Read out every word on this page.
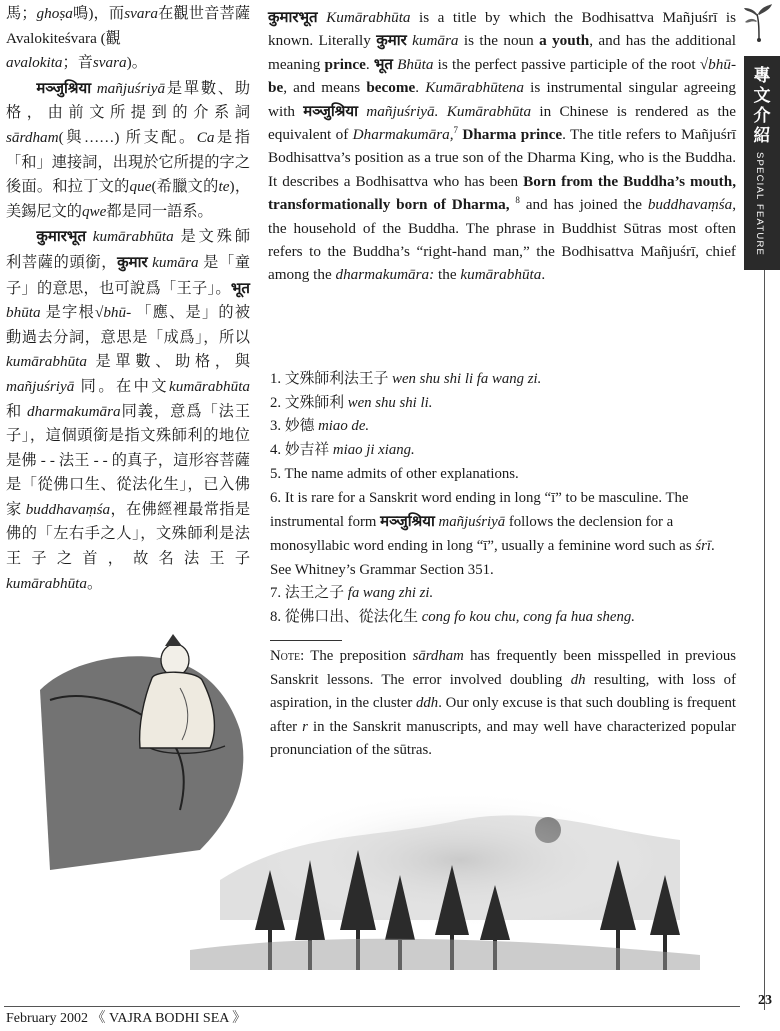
馬；ghoṣa鳴)，而svara在觀世音菩薩 Avalokiteśvara (觀
avalokita；音svara)。

मञ्जुश्रिया mañjuśriyā是單數、助格，由前文所提到的介系詞sārdham(與……) 所支配。Ca是指「和」連接詞，出現於它所提的字之後面。和拉丁文的que(希臘文的te)，美錫尼文的qwe都是同一語系。

कुमारभूत kumārabhūta 是文殊師利菩薩的頭銜，कुमार kumāra 是「童子」的意思，也可說爲「王子」。भूत bhūta 是字根√bhū- 「應、是」的被動過去分詞，意思是「成爲」，所以 kumārabhūta 是單數、助格，與 mañjuśriyā 同。在中文kumārabhūta和 dharmakumāra同義，意爲「法王子」，這個頭銜是指文殊師利的地位是佛 - - 法王 - - 的真子，這形容菩薩是「從佛口生、從法化生」，已入佛家 buddhavaṃśa，在佛經裡最常指是佛的「左右手之人」，文殊師利是法王子之首，故名法王子 kumārabhūta。

कुमारभूत Kumārabhūta is a title by which the Bodhisattva Mañjuśrī is known. Literally कुमार kumāra is the noun a youth, and has the additional meaning prince. भूत Bhūta is the perfect passive participle of the root √bhū- be, and means become. Kumārabhūtena is instrumental singular agreeing with मञ्जुश्रिया mañjuśriyā. Kumārabhūta in Chinese is rendered as the equivalent of Dharmakumāra,$^7$ Dharma prince. The title refers to Mañjuśrī Bodhisattva’s position as a true son of the Dharma King, who is the Buddha. It describes a Bodhisattva who has been Born from the Buddha’s mouth, transformationally born of Dharma, $^8$ and has joined the buddhavaṃśa, the household of the Buddha. The phrase in Buddhist Sūtras most often refers to the Buddha’s “right-hand man,” the Bodhisattva Mañjuśrī, chief among the dharmakumāra: the kumārabhūta.

1. 文殊師利法王子 wen shu shi li fa wang zi.
2. 文殊師利 wen shu shi li.
3. 妙德 miao de.
4. 妙吉祥 miao ji xiang.
5. The name admits of other explanations.
6. It is rare for a Sanskrit word ending in long “ī” to be masculine. The instrumental form मञ्जुश्रिया mañjuśriyā follows the declension for a monosyllabic word ending in long “ī”, usually a feminine word such as śrī. See Whitney’s Grammar Section 351.
7. 法王之子 fa wang zhi zi.
8. 從佛口出、從法化生 cong fo kou chu, cong fa hua sheng.
Note: The preposition sārdham has frequently been misspelled in previous Sanskrit lessons. The error involved doubling dh resulting, with loss of aspiration, in the cluster ddh. Our only excuse is that such doubling is frequent after r in the Sanskrit manuscripts, and may well have characterized popular pronunciation of the sūtras.
專
文
介
紹
SPECIAL FEATURE
February 2002 《 VAJRA BODHI SEA 》
23
